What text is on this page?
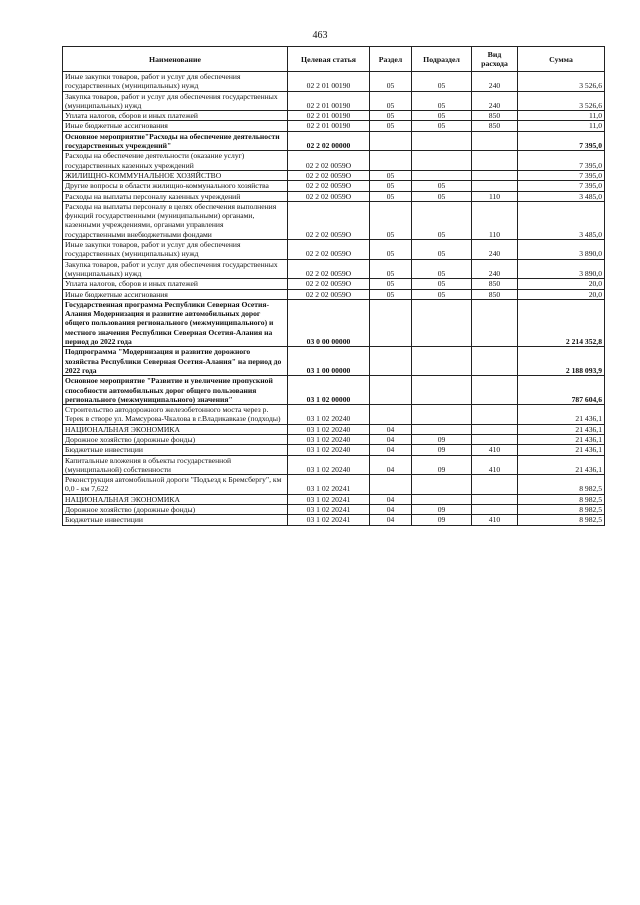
463
Наименование	Целевая статья	Раздел	Подраздел	Вид расхода	Сумма
Иные закупки товаров, работ и услуг для обеспечения государственных (муниципальных) нужд	02 2 01 00190	05	05	240	3 526,6
Закупка товаров, работ и услуг для обеспечения государственных (муниципальных) нужд	02 2 01 00190	05	05	240	3 526,6
Уплата налогов, сборов и иных платежей	02 2 01 00190	05	05	850	11,0
Иные бюджетные ассигнования	02 2 01 00190	05	05	850	11,0
Основное мероприятие"Расходы на обеспечение деятельности государственных учреждений"	02 2 02 00000				7 395,0
Расходы на обеспечение деятельности (оказание услуг) государственных казенных учреждений	02 2 02 0059O				7 395,0
ЖИЛИЩНО-КОММУНАЛЬНОЕ ХОЗЯЙСТВО	02 2 02 0059O	05			7 395,0
Другие вопросы в области жилищно-коммунального хозяйства	02 2 02 0059O	05	05		7 395,0
Расходы на выплаты персоналу казенных учреждений	02 2 02 0059O	05	05	110	3 485,0
Расходы на выплаты персоналу в целях обеспечения выполнения функций государственными (муниципальными) органами, казенными учреждениями, органами управления государственными внебюджетными фондами	02 2 02 0059O	05	05	110	3 485,0
Иные закупки товаров, работ и услуг для обеспечения государственных (муниципальных) нужд	02 2 02 0059O	05	05	240	3 890,0
Закупка товаров, работ и услуг для обеспечения государственных (муниципальных) нужд	02 2 02 0059O	05	05	240	3 890,0
Уплата налогов, сборов и иных платежей	02 2 02 0059O	05	05	850	20,0
Иные бюджетные ассигнования	02 2 02 0059O	05	05	850	20,0
Государственная программа Республики Северная Осетия-Алания Модернизация и развитие автомобильных дорог общего пользования регионального (межмуниципального) и местного значения Республики Северная Осетия-Алания на период до 2022 года	03 0 00 00000				2 214 352,8
Подпрограмма "Модернизация и развитие дорожного хозяйства Республики Северная Осетия-Алания" на период до 2022 года	03 1 00 00000				2 188 093,9
Основное мероприятие "Развитие и увеличение пропускной способности автомобильных дорог общего пользования регионального (межмуниципального) значения"	03 1 02 00000				787 604,6
Строительство автодорожного железобетонного моста через р. Терек в створе ул. Мамсурова-Чкалова в г.Владикавказе (подходы)	03 1 02 20240				21 436,1
НАЦИОНАЛЬНАЯ ЭКОНОМИКА	03 1 02 20240	04			21 436,1
Дорожное хозяйство (дорожные фонды)	03 1 02 20240	04	09		21 436,1
Бюджетные инвестиции	03 1 02 20240	04	09	410	21 436,1
Капитальные вложения в объекты государственной (муниципальной) собственности	03 1 02 20240	04	09	410	21 436,1
Реконструкция автомобильной дороги "Подъезд к Бремсбергу", км 0,0 - км 7,622	03 1 02 20241				8 982,5
НАЦИОНАЛЬНАЯ ЭКОНОМИКА	03 1 02 20241	04			8 982,5
Дорожное хозяйство (дорожные фонды)	03 1 02 20241	04	09		8 982,5
Бюджетные инвестиции	03 1 02 20241	04	09	410	8 982,5
